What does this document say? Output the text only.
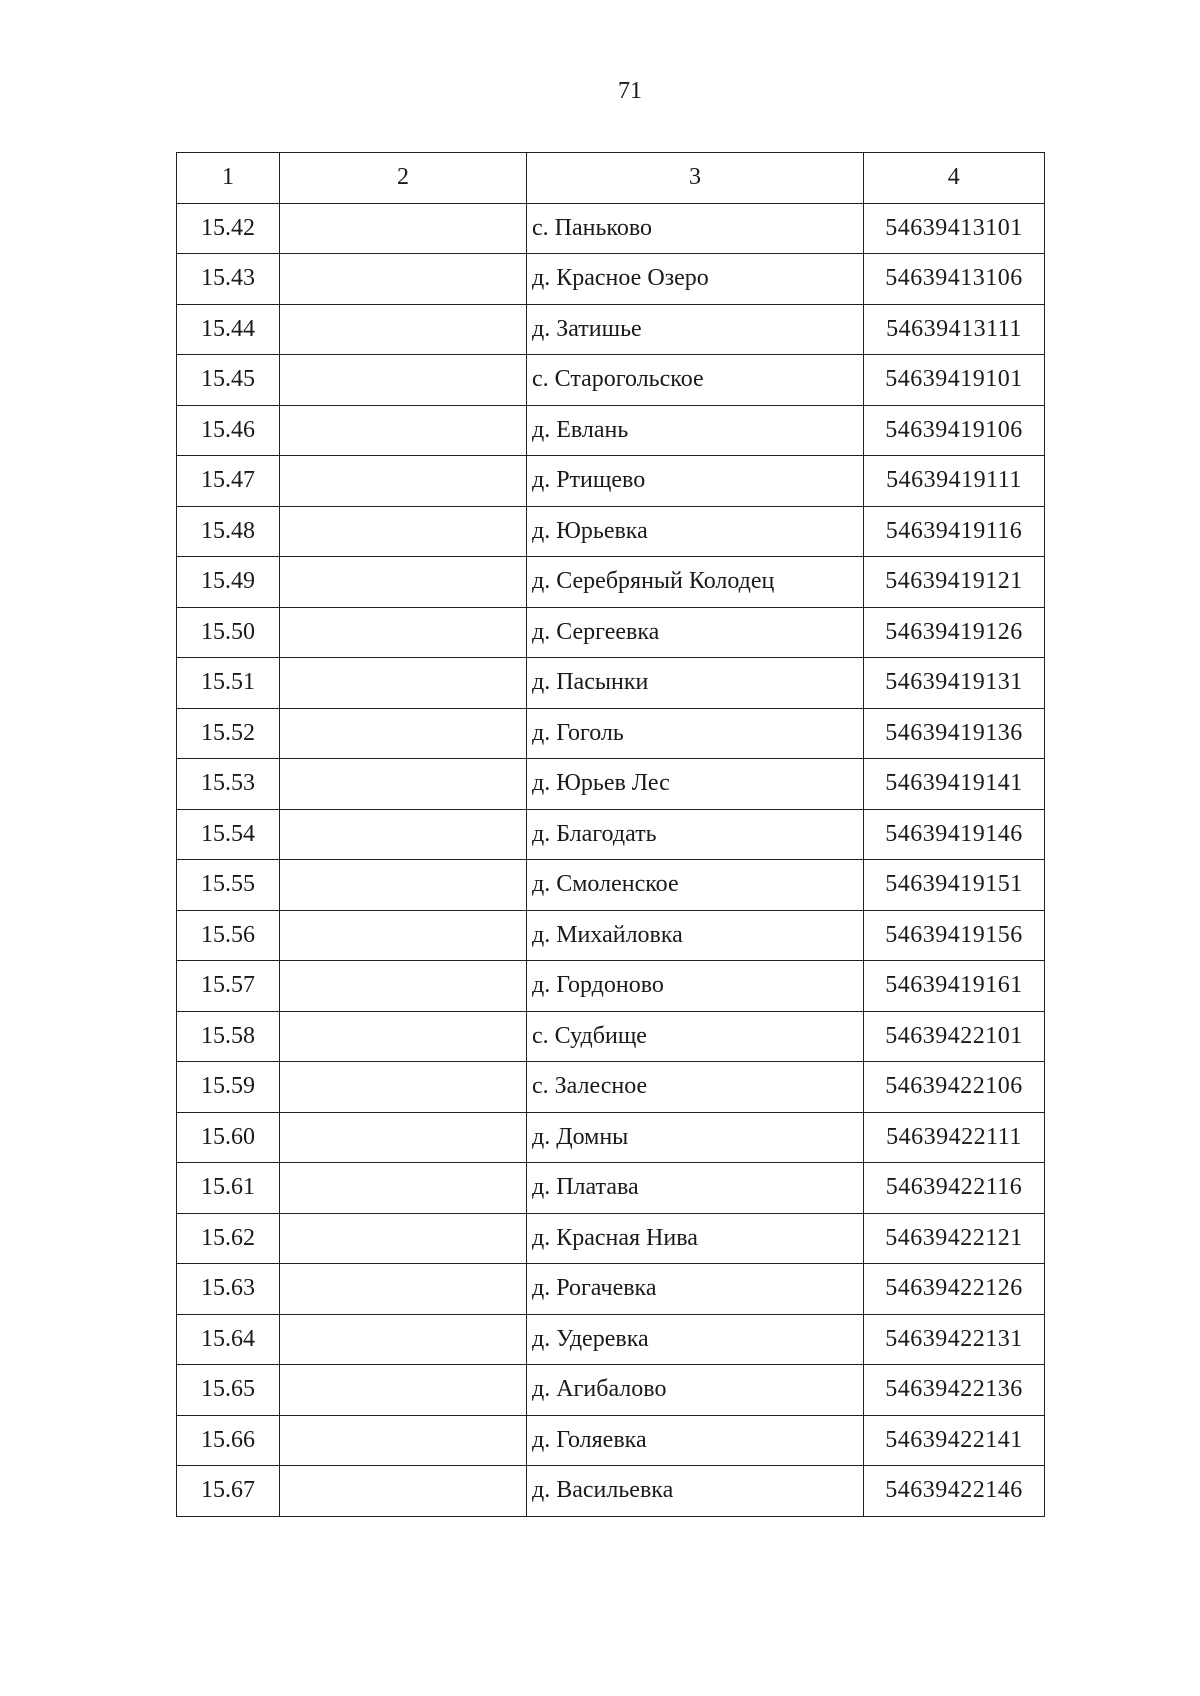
71
1	2	3	4
15.42		с. Паньково	54639413101
15.43		д. Красное Озеро	54639413106
15.44		д. Затишье	54639413111
15.45		с. Старогольское	54639419101
15.46		д. Евлань	54639419106
15.47		д. Ртищево	54639419111
15.48		д. Юрьевка	54639419116
15.49		д. Серебряный Колодец	54639419121
15.50		д. Сергеевка	54639419126
15.51		д. Пасынки	54639419131
15.52		д. Гоголь	54639419136
15.53		д. Юрьев Лес	54639419141
15.54		д. Благодать	54639419146
15.55		д. Смоленское	54639419151
15.56		д. Михайловка	54639419156
15.57		д. Гордоново	54639419161
15.58		с. Судбище	54639422101
15.59		с. Залесное	54639422106
15.60		д. Домны	54639422111
15.61		д. Платава	54639422116
15.62		д. Красная Нива	54639422121
15.63		д. Рогачевка	54639422126
15.64		д. Удеревка	54639422131
15.65		д. Агибалово	54639422136
15.66		д. Голяевка	54639422141
15.67		д. Васильевка	54639422146
